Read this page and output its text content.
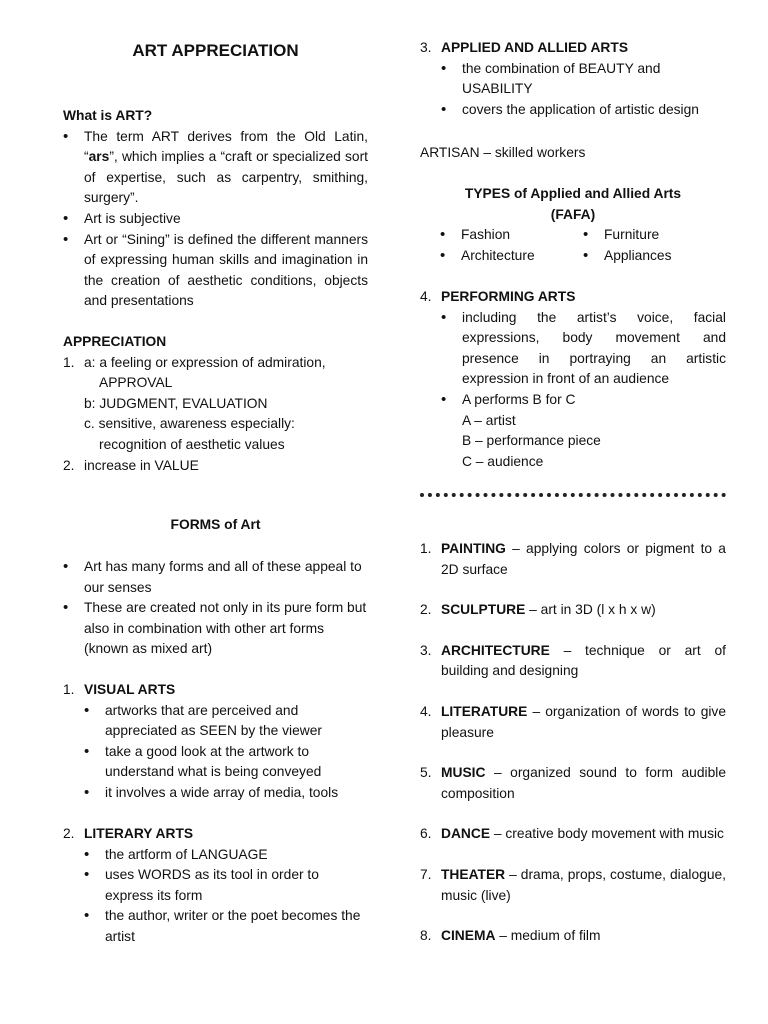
ART APPRECIATION
What is ART?
• The term ART derives from the Old Latin, “ars”, which implies a “craft or specialized sort of expertise, such as carpentry, smithing, surgery”.
• Art is subjective
• Art or “Sining” is defined the different manners of expressing human skills and imagination in the creation of aesthetic conditions, objects and presentations
APPRECIATION
1. a: a feeling or expression of admiration,
APPROVAL
b: JUDGMENT, EVALUATION
c. sensitive, awareness especially:
recognition of aesthetic values
2. increase in VALUE
FORMS of Art
• Art has many forms and all of these appeal to our senses
• These are created not only in its pure form but also in combination with other art forms (known as mixed art)
1. VISUAL ARTS
• artworks that are perceived and appreciated as SEEN by the viewer
• take a good look at the artwork to understand what is being conveyed
• it involves a wide array of media, tools
2. LITERARY ARTS
• the artform of LANGUAGE
• uses WORDS as its tool in order to express its form
• the author, writer or the poet becomes the artist
3. APPLIED AND ALLIED ARTS
• the combination of BEAUTY and USABILITY
• covers the application of artistic design
ARTISAN – skilled workers
TYPES of Applied and Allied Arts
(FAFA)
• Fashion
• Architecture
• Furniture
• Appliances
4. PERFORMING ARTS
• including the artist’s voice, facial expressions, body movement and presence in portraying an artistic expression in front of an audience
• A performs B for C
A – artist
B – performance piece
C – audience
1. PAINTING – applying colors or pigment to a 2D surface
2. SCULPTURE – art in 3D (l x h x w)
3. ARCHITECTURE – technique or art of building and designing
4. LITERATURE – organization of words to give pleasure
5. MUSIC – organized sound to form audible composition
6. DANCE – creative body movement with music
7. THEATER – drama, props, costume, dialogue, music (live)
8. CINEMA – medium of film
